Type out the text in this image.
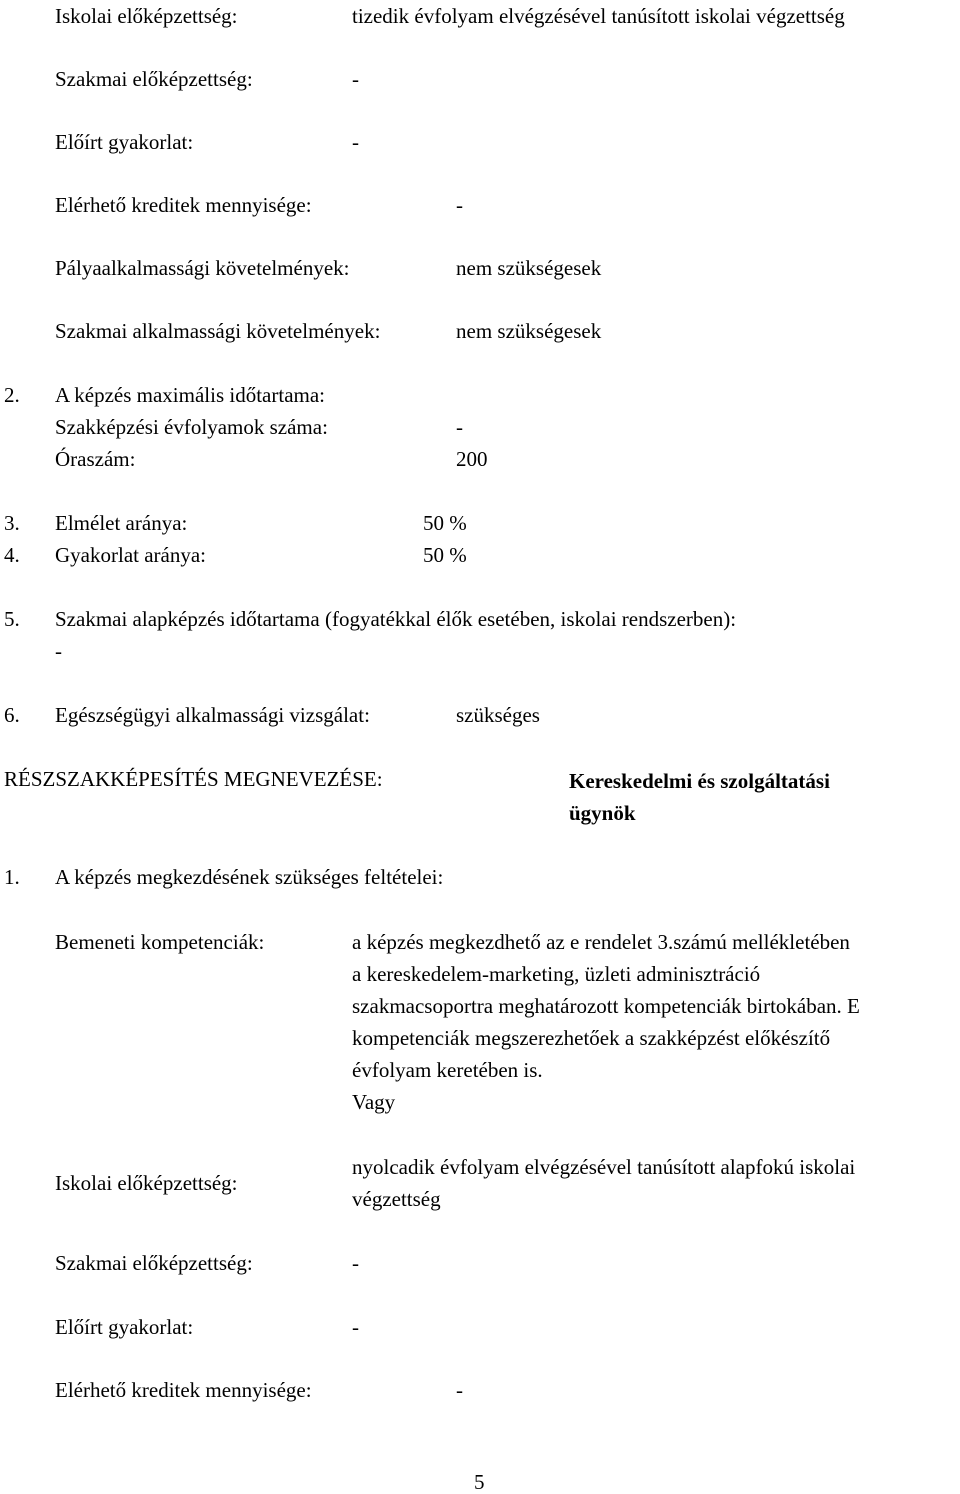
Iskolai előképzettség:	tizedik évfolyam elvégzésével tanúsított iskolai végzettség
Szakmai előképzettség:	-
Előírt gyakorlat:	-
Elérhető kreditek mennyisége:	-
Pályaalkalmassági követelmények:	nem szükségesek
Szakmai alkalmassági követelmények:	nem szükségesek
2. A képzés maximális időtartama:
Szakképzési évfolyamok száma:	-
Óraszám:	200
3. Elmélet aránya:	50 %
4. Gyakorlat aránya:	50 %
5. Szakmai alapképzés időtartama (fogyatékkal élők esetében, iskolai rendszerben):
-
6. Egészségügyi alkalmassági vizsgálat:	szükséges
RÉSZSZAKKÉPESÍTÉS MEGNEVEZÉSE:	Kereskedelmi és szolgáltatási
ügynök
1. A képzés megkezdésének szükséges feltételei:
Bemeneti kompetenciák:	a képzés megkezdhető az e rendelet 3.számú mellékletében
a kereskedelem-marketing, üzleti adminisztráció
szakmacsoportra meghatározott kompetenciák birtokában. E
kompetenciák megszerezhetőek a szakképzést előkészítő
évfolyam keretében is.
Vagy
Iskolai előképzettség:
nyolcadik évfolyam elvégzésével tanúsított alapfokú iskolai
végzettség
Szakmai előképzettség:	-
Előírt gyakorlat:	-
Elérhető kreditek mennyisége:	-
5
